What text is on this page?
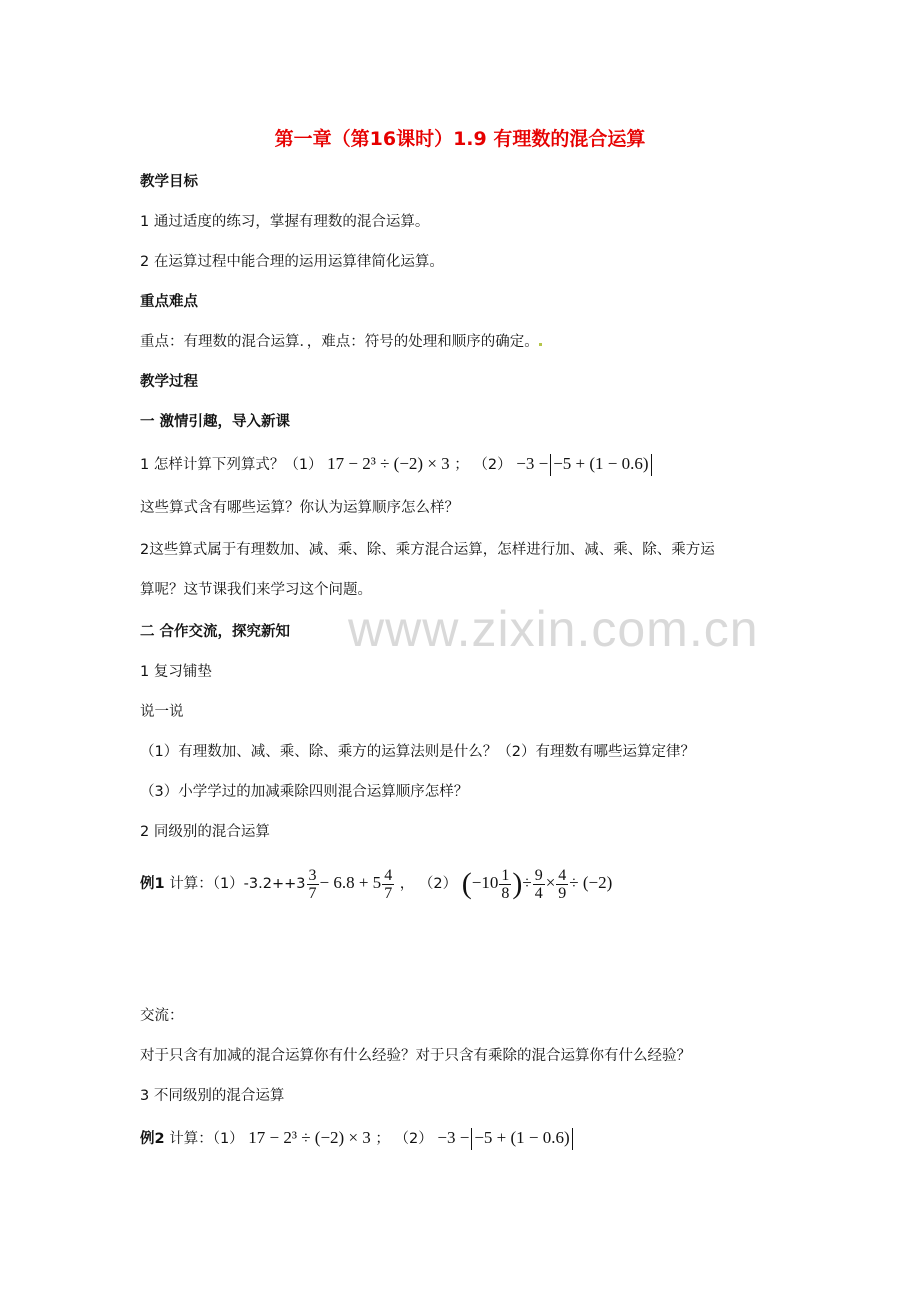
第一章（第16课时）1.9 有理数的混合运算
www.zixin.com.cn
教学目标
1 通过适度的练习，掌握有理数的混合运算。
2 在运算过程中能合理的运用运算律简化运算。
重点难点
重点：有理数的混合运算．，难点：符号的处理和顺序的确定。
教学过程
一 激情引趣，导入新课
1 怎样计算下列算式？（1） 17 − 2³ ÷ (−2) × 3 ； （2） −3 − −5 + (1 − 0.6)
这些算式含有哪些运算？你认为运算顺序怎么样？
2这些算式属于有理数加、减、乘、除、乘方混合运算，怎样进行加、减、乘、除、乘方运
算呢？这节课我们来学习这个问题。
二 合作交流，探究新知
1 复习铺垫
说一说
（1）有理数加、减、乘、除、乘方的运算法则是什么？（2）有理数有哪些运算定律？
（3）小学学过的加减乘除四则混合运算顺序怎样？
2 同级别的混合运算
例1 计算：$(1)-3.2++3 \frac{3}{7} - 6.8 + 5 \frac{4}{7}$ ， （2） ($-10 \frac{1}{8}$ )÷ $\frac{9}{4} \times \frac{4}{9} \div (-2)$
交流：
对于只含有加减的混合运算你有什么经验？对于只含有乘除的混合运算你有什么经验？
3 不同级别的混合运算
例2 计算：（1） 17 − 2³ ÷ (−2) × 3 ； （2） −3 − −5 + (1 − 0.6)
